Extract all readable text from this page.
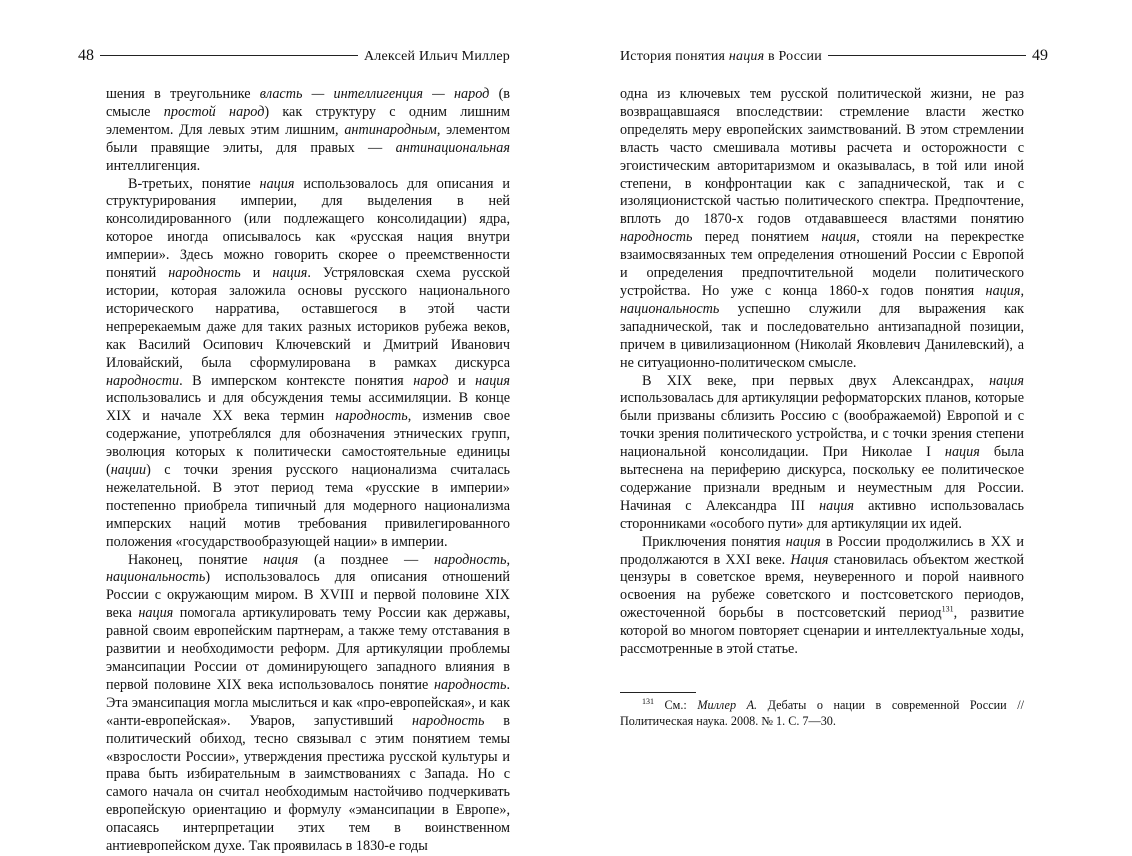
48	Алексей Ильич Миллер

шения в треугольнике власть — интеллигенция — народ (в смысле простой народ) как структуру с одним лишним элементом. Для левых этим лишним, антинародным, элементом были правящие элиты, для правых — антинациональная интеллигенция.

В-третьих, понятие нация использовалось для описания и структурирования империи, для выделения в ней консолидированного (или подлежащего консолидации) ядра, которое иногда описывалось как «русская нация внутри империи». Здесь можно говорить скорее о преемственности понятий народность и нация. Устряловская схема русской истории, которая заложила основы русского национального исторического нарратива, оставшегося в этой части непререкаемым даже для таких разных историков рубежа веков, как Василий Осипович Ключевский и Дмитрий Иванович Иловайский, была сформулирована в рамках дискурса народности. В имперском контексте понятия народ и нация использовались и для обсуждения темы ассимиляции. В конце XIX и начале XX века термин народность, изменив свое содержание, употреблялся для обозначения этнических групп, эволюция которых к политически самостоятельные единицы (нации) с точки зрения русского национализма считалась нежелательной. В этот период тема «русские в империи» постепенно приобрела типичный для модерного национализма имперских наций мотив требования привилегированного положения «государствообразующей нации» в империи.

Наконец, понятие нация (а позднее — народность, национальность) использовалось для описания отношений России с окружающим миром. В XVIII и первой половине XIX века нация помогала артикулировать тему России как державы, равной своим европейским партнерам, а также тему отставания в развитии и необходимости реформ. Для артикуляции проблемы эмансипации России от доминирующего западного влияния в первой половине XIX века использовалось понятие народность. Эта эмансипация могла мыслиться и как «про-европейская», и как «анти-европейская». Уваров, запустивший народность в политический обиход, тесно связывал с этим понятием темы «взрослости России», утверждения престижа русской культуры и права быть избирательным в заимствованиях с Запада. Но с самого начала он считал необходимым настойчиво подчеркивать европейскую ориентацию и формулу «эмансипации в Европе», опасаясь интерпретации этих тем в воинственном антиевропейском духе. Так проявилась в 1830-е годы

История понятия нация в России	49

одна из ключевых тем русской политической жизни, не раз возвращавшаяся впоследствии: стремление власти жестко определять меру европейских заимствований. В этом стремлении власть часто смешивала мотивы расчета и осторожности с эгоистическим авторитаризмом и оказывалась, в той или иной степени, в конфронтации как с западнической, так и с изоляционистской частью политического спектра. Предпочтение, вплоть до 1870-х годов отдававшееся властями понятию народность перед понятием нация, стояли на перекрестке взаимосвязанных тем определения отношений России с Европой и определения предпочтительной модели политического устройства. Но уже с конца 1860-х годов понятия нация, национальность успешно служили для выражения как западнической, так и последовательно антизападной позиции, причем в цивилизационном (Николай Яковлевич Данилевский), а не ситуационно-политическом смысле.

В XIX веке, при первых двух Александрах, нация использовалась для артикуляции реформаторских планов, которые были призваны сблизить Россию с (воображаемой) Европой и с точки зрения политического устройства, и с точки зрения степени национальной консолидации. При Николае I нация была вытеснена на периферию дискурса, поскольку ее политическое содержание признали вредным и неуместным для России. Начиная с Александра III нация активно использовалась сторонниками «особого пути» для артикуляции их идей.

Приключения понятия нация в России продолжились в XX и продолжаются в XXI веке. Нация становилась объектом жесткой цензуры в советское время, неуверенного и порой наивного освоения на рубеже советского и постсоветского периодов, ожесточенной борьбы в постсоветский период$^{131}$, развитие которой во многом повторяет сценарии и интеллектуальные ходы, рассмотренные в этой статье.

$^{131}$ См.: Миллер А. Дебаты о нации в современной России // Политическая наука. 2008. № 1. С. 7—30.
